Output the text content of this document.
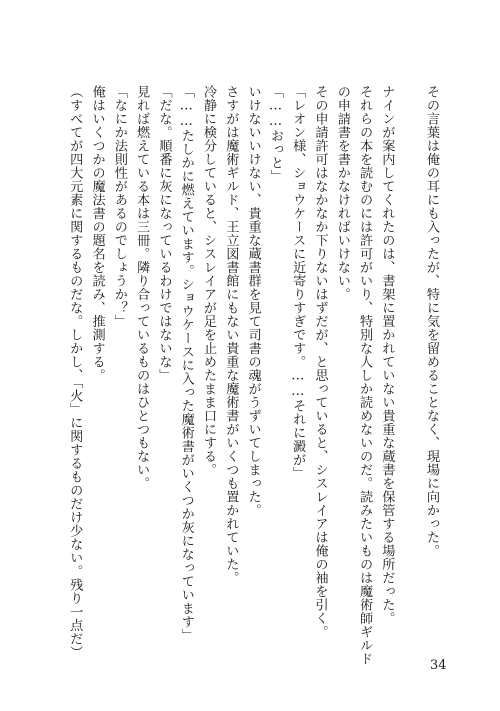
その言葉は俺の耳にも入ったが、特に気を留めることなく、現場に向かった。

ナインが案内してくれたのは、書架に置かれていない貴重な蔵書を保管する場所だった。
それらの本を読むのには許可がいり、特別な人しか読めないのだ。読みたいものは魔術師ギルド
の申請書を書かなければいけない。
その申請許可はなかなか下りないはずだが、と思っていると、シスレイアは俺の袖を引く。
「レオン様、ショウケースに近寄りすぎです。……それに澱が」
「……おっと」
いけないいけない、貴重な蔵書群を見て司書の魂がうずいてしまった。
さすがは魔術ギルド、王立図書館にもない貴重な魔術書がいくつも置かれていた。
冷静に検分していると、シスレイアが足を止めたまま口にする。
「……たしかに燃えています。ショウケースに入った魔術書がいくつか灰になっています」
「だな。順番に灰になっているわけではないな」
見れば燃えている本は三冊。隣り合っているものはひとつもない。
「なにか法則性があるのでしょうか？」
俺はいくつかの魔法書の題名を読み、推測する。
（すべてが四大元素に関するものだな。しかし、「火」に関するものだけ少ない。残り一点だ）
34
